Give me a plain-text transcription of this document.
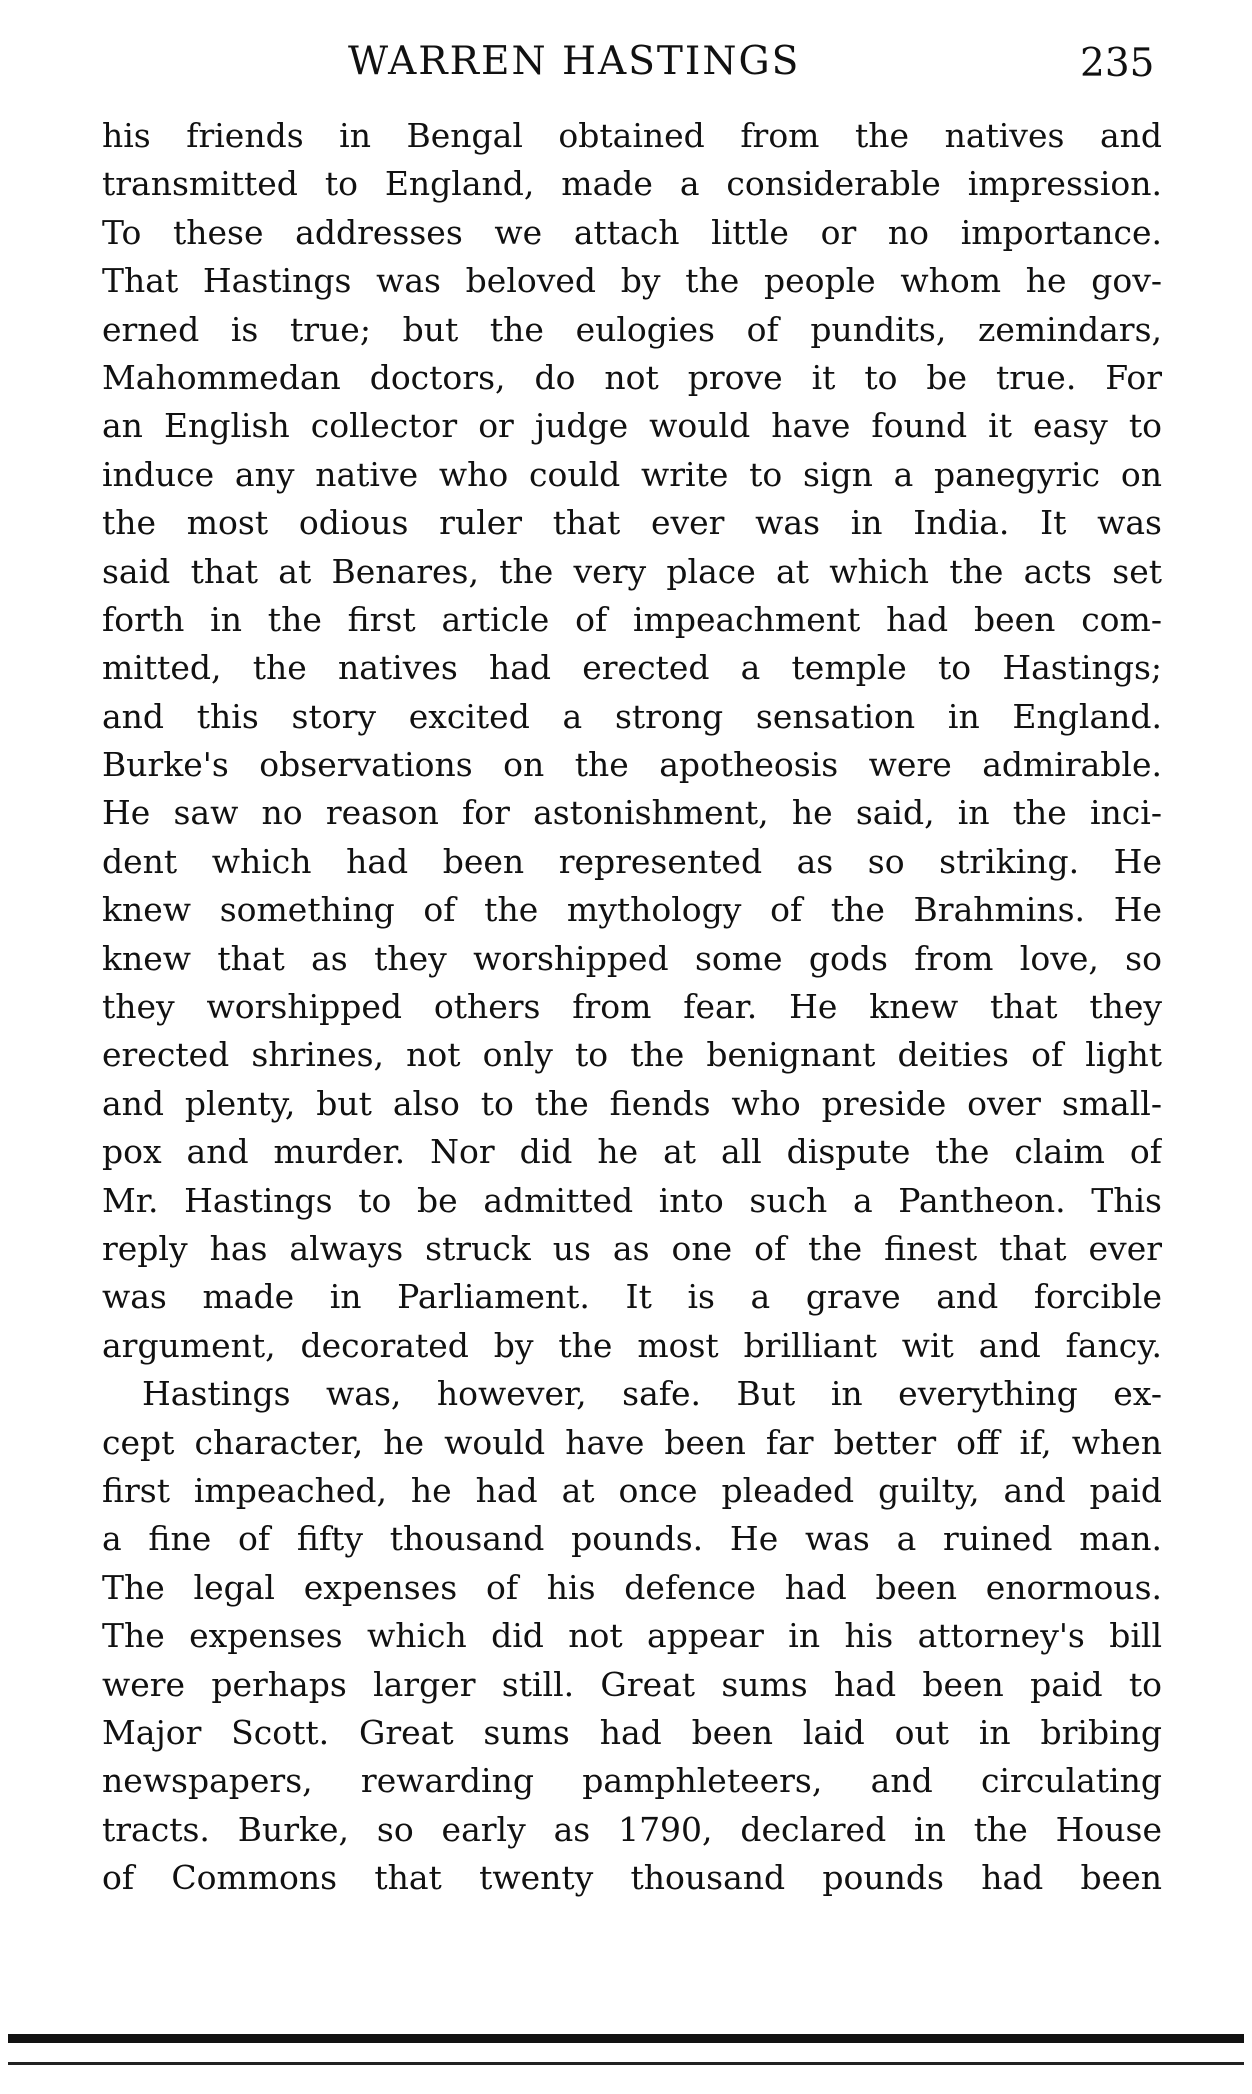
WARREN HASTINGS	235
his friends in Bengal obtained from the natives and
transmitted to England, made a considerable impression.
To these addresses we attach little or no importance.
That Hastings was beloved by the people whom he gov-
erned is true; but the eulogies of pundits, zemindars,
Mahommedan doctors, do not prove it to be true. For
an English collector or judge would have found it easy to
induce any native who could write to sign a panegyric on
the most odious ruler that ever was in India. It was
said that at Benares, the very place at which the acts set
forth in the first article of impeachment had been com-
mitted, the natives had erected a temple to Hastings;
and this story excited a strong sensation in England.
Burke's observations on the apotheosis were admirable.
He saw no reason for astonishment, he said, in the inci-
dent which had been represented as so striking. He
knew something of the mythology of the Brahmins. He
knew that as they worshipped some gods from love, so
they worshipped others from fear. He knew that they
erected shrines, not only to the benignant deities of light
and plenty, but also to the fiends who preside over small-
pox and murder. Nor did he at all dispute the claim of
Mr. Hastings to be admitted into such a Pantheon. This
reply has always struck us as one of the finest that ever
was made in Parliament. It is a grave and forcible
argument, decorated by the most brilliant wit and fancy.
Hastings was, however, safe. But in everything ex-
cept character, he would have been far better off if, when
first impeached, he had at once pleaded guilty, and paid
a fine of fifty thousand pounds. He was a ruined man.
The legal expenses of his defence had been enormous.
The expenses which did not appear in his attorney's bill
were perhaps larger still. Great sums had been paid to
Major Scott. Great sums had been laid out in bribing
newspapers, rewarding pamphleteers, and circulating
tracts. Burke, so early as 1790, declared in the House
of Commons that twenty thousand pounds had been
